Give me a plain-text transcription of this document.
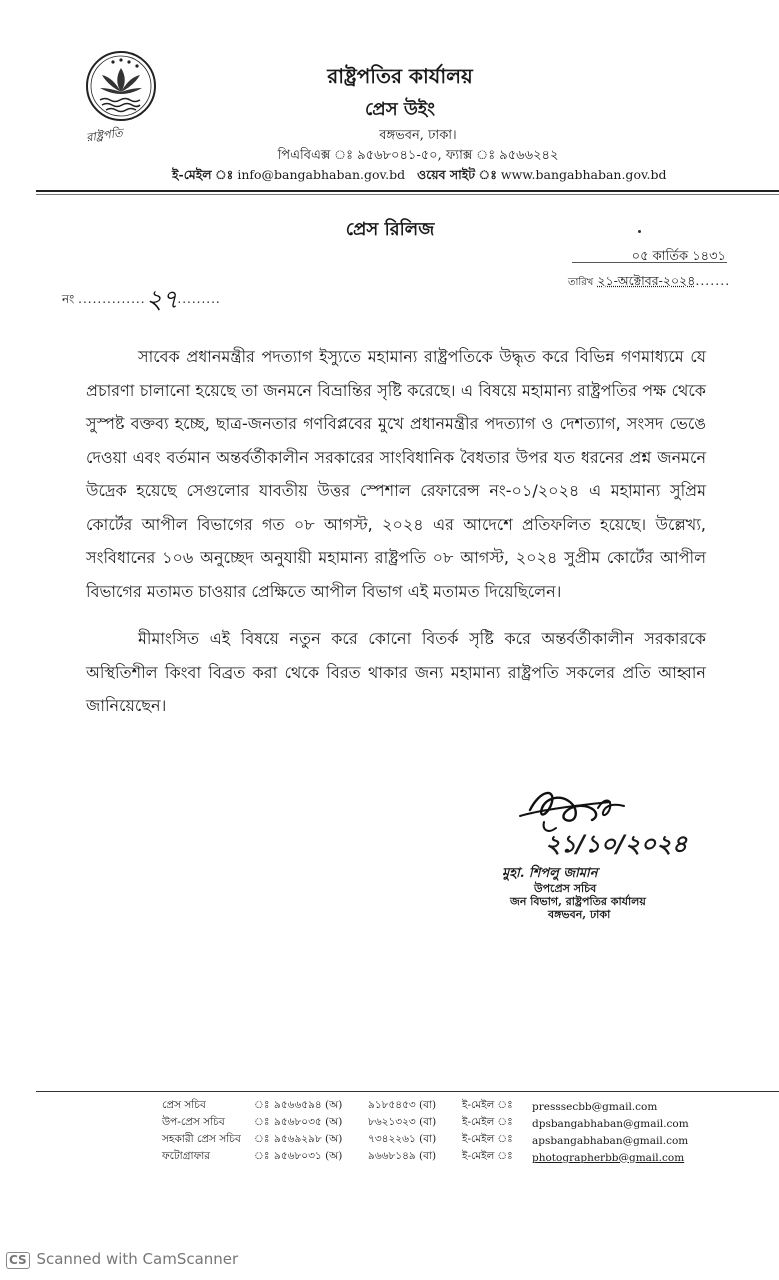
রাষ্ট্রপতি
রাষ্ট্রপতির কার্যালয়
প্রেস উইং
বঙ্গভবন, ঢাকা।
পিএবিএক্স ঃ ৯৫৬৮০৪১-৫০, ফ্যাক্স ঃ ৯৫৬৬২৪২
ই-মেইল ঃ info@bangabhaban.gov.bd ওয়েব সাইট ঃ www.bangabhaban.gov.bd
প্রেস রিলিজ
০৫ কার্তিক ১৪৩১
তারিখ ২১-অক্টোবর-২০২৪.......
নং ..............২৭.........

সাবেক প্রধানমন্ত্রীর পদত্যাগ ইস্যুতে মহামান্য রাষ্ট্রপতিকে উদ্ধৃত করে বিভিন্ন গণমাধ্যমে যে প্রচারণা চালানো হয়েছে তা জনমনে বিভ্রান্তির সৃষ্টি করেছে। এ বিষয়ে মহামান্য রাষ্ট্রপতির পক্ষ থেকে সুস্পষ্ট বক্তব্য হচ্ছে, ছাত্র-জনতার গণবিপ্লবের মুখে প্রধানমন্ত্রীর পদত্যাগ ও দেশত্যাগ, সংসদ ভেঙে দেওয়া এবং বর্তমান অন্তর্বর্তীকালীন সরকারের সাংবিধানিক বৈধতার উপর যত ধরনের প্রশ্ন জনমনে উদ্রেক হয়েছে সেগুলোর যাবতীয় উত্তর স্পেশাল রেফারেন্স নং-০১/২০২৪ এ মহামান্য সুপ্রিম কোর্টের আপীল বিভাগের গত ০৮ আগস্ট, ২০২৪ এর আদেশে প্রতিফলিত হয়েছে। উল্লেখ্য, সংবিধানের ১০৬ অনুচ্ছেদ অনুযায়ী মহামান্য রাষ্ট্রপতি ০৮ আগস্ট, ২০২৪ সুপ্রীম কোর্টের আপীল বিভাগের মতামত চাওয়ার প্রেক্ষিতে আপীল বিভাগ এই মতামত দিয়েছিলেন।

মীমাংসিত এই বিষয়ে নতুন করে কোনো বিতর্ক সৃষ্টি করে অন্তর্বর্তীকালীন সরকারকে অস্থিতিশীল কিংবা বিব্রত করা থেকে বিরত থাকার জন্য মহামান্য রাষ্ট্রপতি সকলের প্রতি আহ্বান জানিয়েছেন।

২১/১০/২০২৪
মুহা. শিপলু জামান
উপপ্রেস সচিব
জন বিভাগ, রাষ্ট্রপতির কার্যালয়
বঙ্গভবন, ঢাকা
প্রেস সচিব	ঃ	৯৫৬৬৫৯৪ (অ)	৯১৮৫৪৫৩ (বা)	ই-মেইল ঃ	presssecbb@gmail.com
উপ-প্রেস সচিব	ঃ	৯৫৬৮০৩৫ (অ)	৮৬২১৩২৩ (বা)	ই-মেইল ঃ	dpsbangabhaban@gmail.com
সহকারী প্রেস সচিব	ঃ	৯৫৬৯২৯৮ (অ)	৭৩৪২২৬১ (বা)	ই-মেইল ঃ	apsbangabhaban@gmail.com
ফটোগ্রাফার	ঃ	৯৫৬৮০৩১ (অ)	৯৬৬৮১৪৯ (বা)	ই-মেইল ঃ	photographerbb@gmail.com
CS Scanned with CamScanner
